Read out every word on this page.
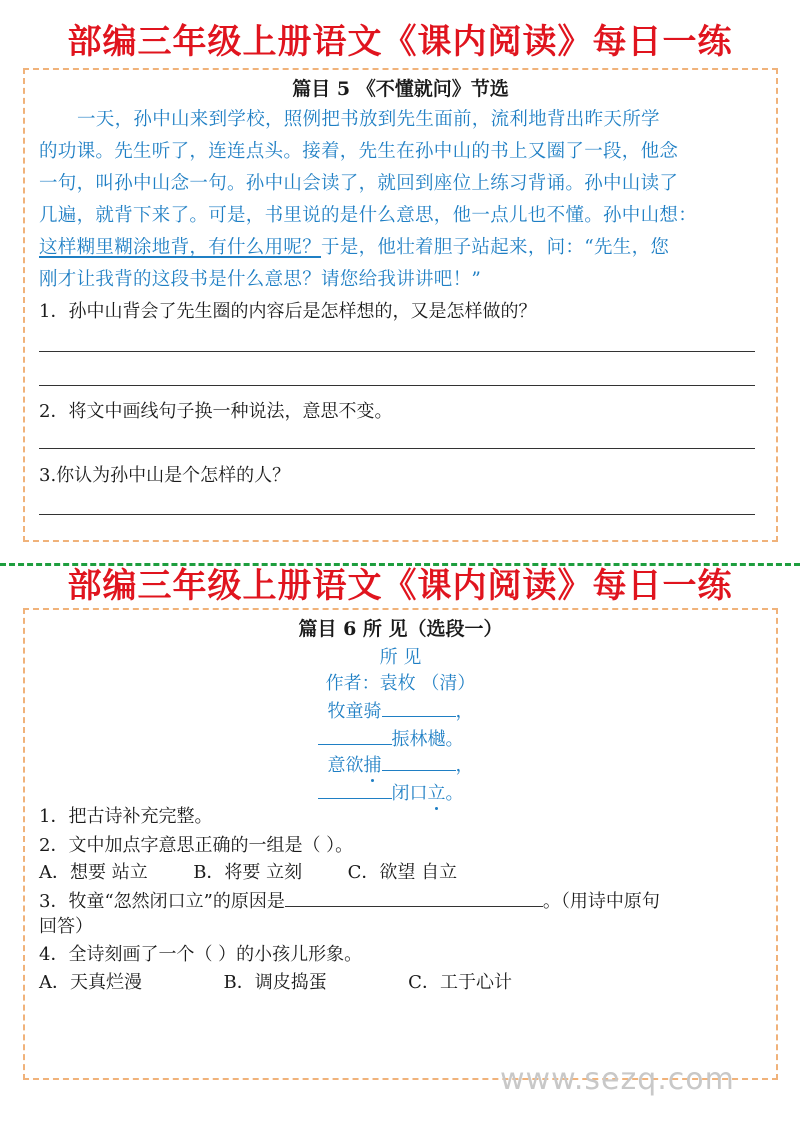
部编三年级上册语文《课内阅读》每日一练
篇目 5 《不懂就问》节选
一天，孙中山来到学校，照例把书放到先生面前，流利地背出昨天所学
的功课。先生听了，连连点头。接着，先生在孙中山的书上又圈了一段，他念
一句，叫孙中山念一句。孙中山会读了，就回到座位上练习背诵。孙中山读了
几遍，就背下来了。可是，书里说的是什么意思，他一点儿也不懂。孙中山想：
这样糊里糊涂地背，有什么用呢？于是，他壮着胆子站起来，问：“先生，您
刚才让我背的这段书是什么意思？请您给我讲讲吧！”
1．孙中山背会了先生圈的内容后是怎样想的，又是怎样做的？
2．将文中画线句子换一种说法，意思不变。
3.你认为孙中山是个怎样的人？
部编三年级上册语文《课内阅读》每日一练
篇目 6 所 见（选段一）
所 见
作者：袁枚 （清）
牧童骑	，
振林樾。
意欲捕	，
闭口立。
1．把古诗补充完整。
2．文中加点字意思正确的一组是（ ）。
A．想要 站立	B．将要 立刻	C．欲望 自立
3．牧童“忽然闭口立”的原因是	。（用诗中原句
回答）
4．全诗刻画了一个（ ）的小孩儿形象。
A．天真烂漫	B．调皮捣蛋	C．工于心计
www.sezq.com
